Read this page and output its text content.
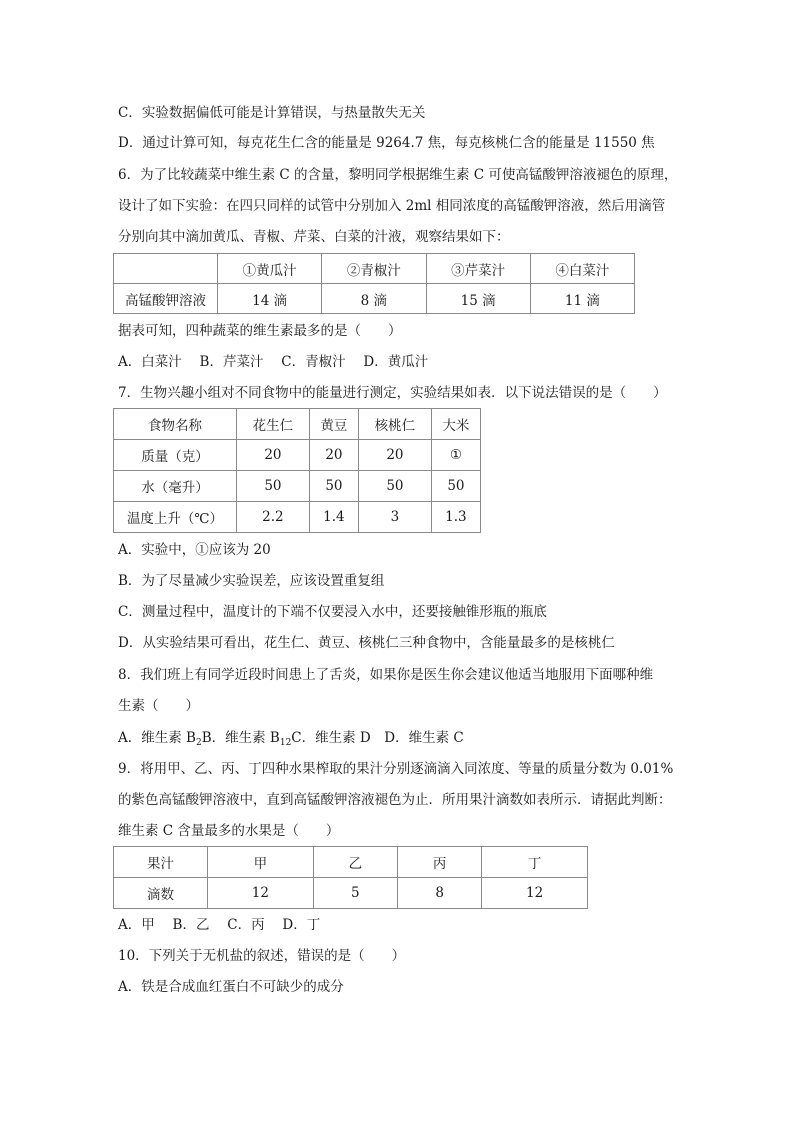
C．实验数据偏低可能是计算错误，与热量散失无关
D．通过计算可知，每克花生仁含的能量是 9264.7 焦，每克核桃仁含的能量是 11550 焦
6．为了比较蔬菜中维生素 C 的含量，黎明同学根据维生素 C 可使高锰酸钾溶液褪色的原理，
设计了如下实验：在四只同样的试管中分别加入 2ml 相同浓度的高锰酸钾溶液，然后用滴管
分别向其中滴加黄瓜、青椒、芹菜、白菜的汁液，观察结果如下：
	①黄瓜汁	②青椒汁	③芹菜汁	④白菜汁
高锰酸钾溶液	14 滴	8 滴	15 滴	11 滴
据表可知，四种蔬菜的维生素最多的是（　　）
A．白菜汁　 B．芹菜汁　 C．青椒汁　 D．黄瓜汁
7．生物兴趣小组对不同食物中的能量进行测定，实验结果如表．以下说法错误的是（　　）
食物名称	花生仁	黄豆	核桃仁	大米
质量（克）	20	20	20	①
水（毫升）	50	50	50	50
温度上升（℃）	2.2	1.4	3	1.3
A．实验中，①应该为 20
B．为了尽量减少实验误差，应该设置重复组
C．测量过程中，温度计的下端不仅要浸入水中，还要接触锥形瓶的瓶底
D．从实验结果可看出，花生仁、黄豆、核桃仁三种食物中，含能量最多的是核桃仁
8．我们班上有同学近段时间患上了舌炎，如果你是医生你会建议他适当地服用下面哪种维
生素（　　）
A．维生素 $B_2B$．维生素 $B_{12}C$．维生素 D　D．维生素 C
9．将用甲、乙、丙、丁四种水果榨取的果汁分别逐滴滴入同浓度、等量的质量分数为 0.01%
的紫色高锰酸钾溶液中，直到高锰酸钾溶液褪色为止．所用果汁滴数如表所示．请据此判断：
维生素 C 含量最多的水果是（　　）
果汁	甲	乙	丙	丁
滴数	12	5	8	12
A．甲　 B．乙　 C．丙　 D．丁
10．下列关于无机盐的叙述，错误的是（　　）
A．铁是合成血红蛋白不可缺少的成分
